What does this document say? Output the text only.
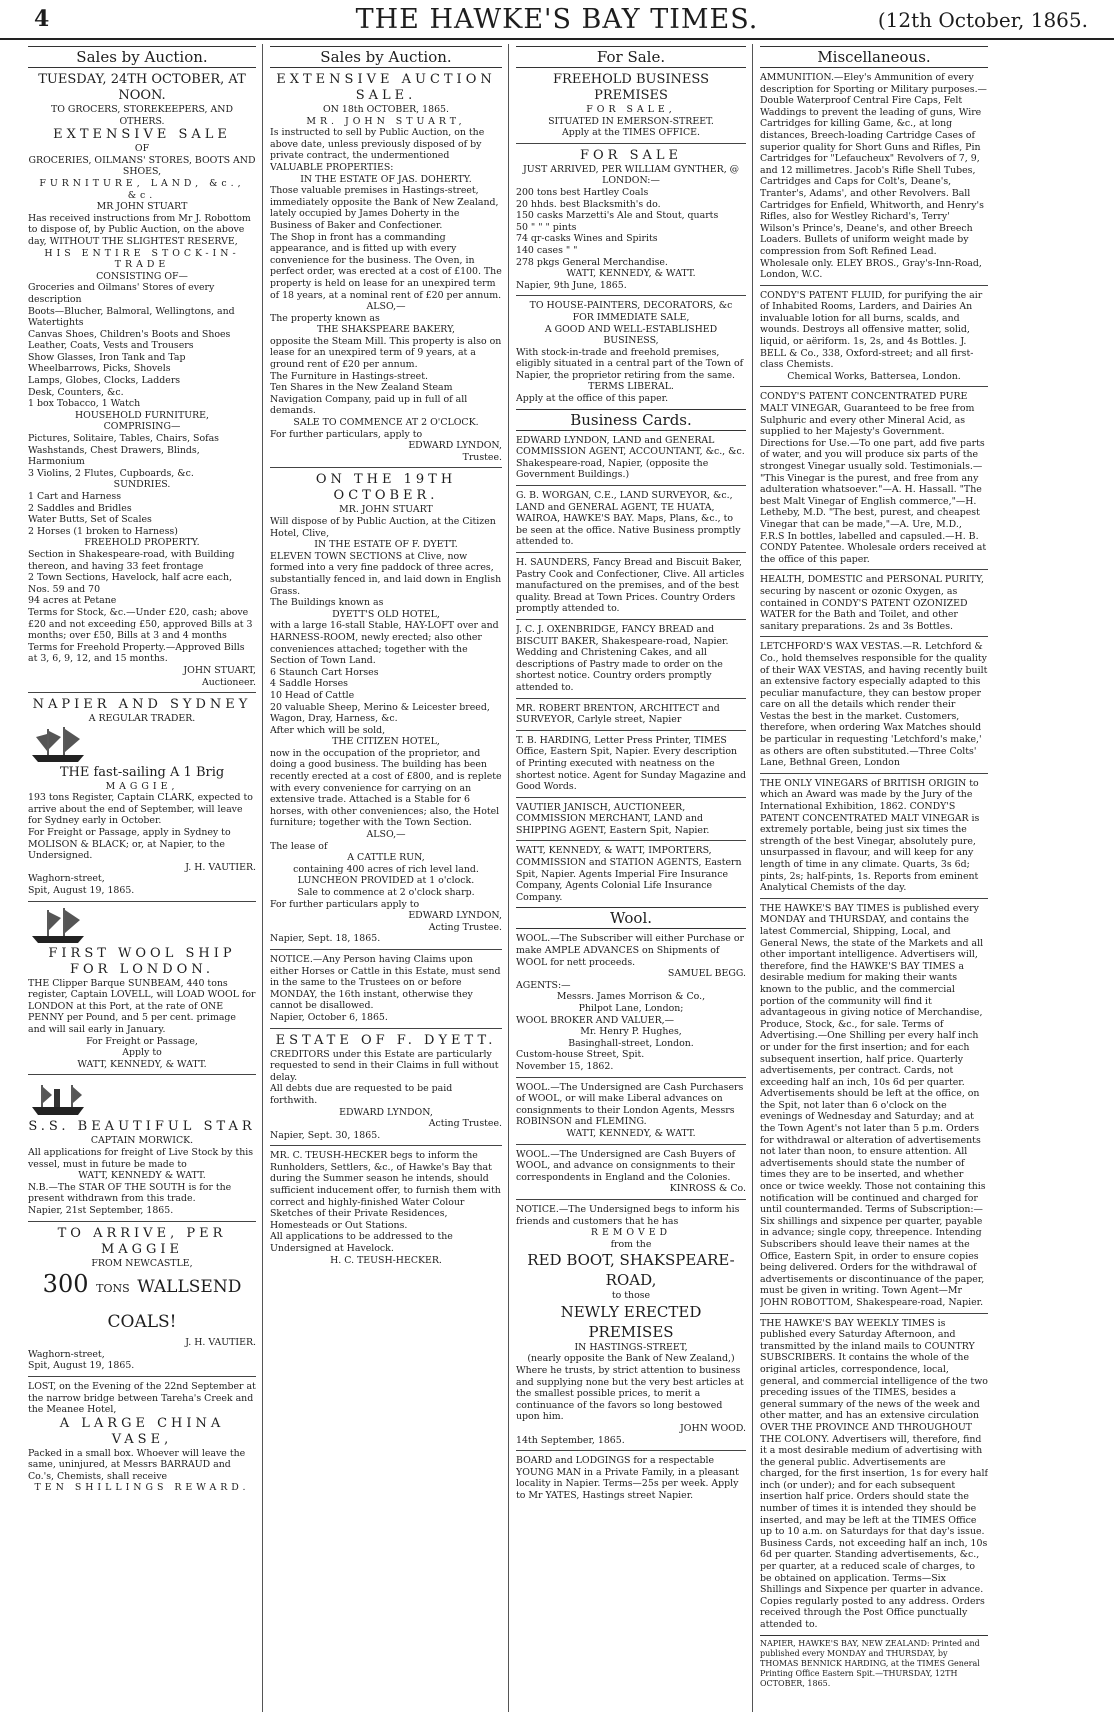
4	THE HAWKE'S BAY TIMES.	(12th October, 1865.
Sales by Auction.
TUESDAY, 24TH OCTOBER, AT NOON.
TO GROCERS, STOREKEEPERS, AND OTHERS.
EXTENSIVE SALE
OF
GROCERIES, OILMANS' STORES, BOOTS AND SHOES,
FURNITURE, LAND, &c., &c.
MR JOHN STUART
Has received instructions from Mr J. Robottom to dispose of, by Public Auction, on the above day, WITHOUT THE SLIGHTEST RESERVE,
HIS ENTIRE STOCK-IN-TRADE
CONSISTING OF—
Groceries and Oilmans' Stores of every description
Boots—Blucher, Balmoral, Wellingtons, and Watertights
Canvas Shoes, Children's Boots and Shoes
Leather, Coats, Vests and Trousers
Show Glasses, Iron Tank and Tap
Wheelbarrows, Picks, Shovels
Lamps, Globes, Clocks, Ladders
Desk, Counters, &c.
1 box Tobacco, 1 Watch
HOUSEHOLD FURNITURE,
COMPRISING—
Pictures, Solitaire, Tables, Chairs, Sofas
Washstands, Chest Drawers, Blinds, Harmonium
3 Violins, 2 Flutes, Cupboards, &c.
SUNDRIES.
1 Cart and Harness
2 Saddles and Bridles
Water Butts, Set of Scales
2 Horses (1 broken to Harness)
FREEHOLD PROPERTY.
Section in Shakespeare-road, with Building thereon, and having 33 feet frontage
2 Town Sections, Havelock, half acre each, Nos. 59 and 70
94 acres at Petane
Terms for Stock, &c.—Under £20, cash; above £20 and not exceeding £50, approved Bills at 3 months; over £50, Bills at 3 and 4 months
Terms for Freehold Property.—Approved Bills at 3, 6, 9, 12, and 15 months.
JOHN STUART,
Auctioneer.
NAPIER AND SYDNEY
A REGULAR TRADER.
THE fast-sailing A 1 Brig
MAGGIE,
193 tons Register, Captain CLARK, expected to arrive about the end of September, will leave for Sydney early in October.
For Freight or Passage, apply in Sydney to MOLISON & BLACK; or, at Napier, to the Undersigned.
J. H. VAUTIER.
Waghorn-street,
Spit, August 19, 1865.
FIRST WOOL SHIP FOR LONDON.
THE Clipper Barque SUNBEAM, 440 tons register, Captain LOVELL, will LOAD WOOL for LONDON at this Port, at the rate of ONE PENNY per Pound, and 5 per cent. primage and will sail early in January.
For Freight or Passage,
Apply to
WATT, KENNEDY, & WATT.
S.S. BEAUTIFUL STAR
CAPTAIN MORWICK.
All applications for freight of Live Stock by this vessel, must in future be made to
WATT, KENNEDY & WATT.
N.B.—The STAR OF THE SOUTH is for the present withdrawn from this trade.
Napier, 21st September, 1865.
TO ARRIVE, PER MAGGIE
FROM NEWCASTLE,
300 TONS WALLSEND COALS!
J. H. VAUTIER.
Waghorn-street,
Spit, August 19, 1865.
LOST, on the Evening of the 22nd September at the narrow bridge between Tareha's Creek and the Meanee Hotel,
A LARGE CHINA VASE,
Packed in a small box. Whoever will leave the same, uninjured, at Messrs BARRAUD and Co.'s, Chemists, shall receive
TEN SHILLINGS REWARD.
Sales by Auction.
EXTENSIVE AUCTION SALE.
ON 18th OCTOBER, 1865.
MR. JOHN STUART,
Is instructed to sell by Public Auction, on the above date, unless previously disposed of by private contract, the undermentioned VALUABLE PROPERTIES:
IN THE ESTATE OF JAS. DOHERTY.
Those valuable premises in Hastings-street, immediately opposite the Bank of New Zealand, lately occupied by James Doherty in the Business of Baker and Confectioner.
The Shop in front has a commanding appearance, and is fitted up with every convenience for the business. The Oven, in perfect order, was erected at a cost of £100. The property is held on lease for an unexpired term of 18 years, at a nominal rent of £20 per annum.
ALSO,—
The property known as
THE SHAKSPEARE BAKERY,
opposite the Steam Mill. This property is also on lease for an unexpired term of 9 years, at a ground rent of £20 per annum.
The Furniture in Hastings-street.
Ten Shares in the New Zealand Steam Navigation Company, paid up in full of all demands.
SALE TO COMMENCE AT 2 O'CLOCK.
For further particulars, apply to
EDWARD LYNDON,
Trustee.
ON THE 19TH OCTOBER.
MR. JOHN STUART
Will dispose of by Public Auction, at the Citizen Hotel, Clive,
IN THE ESTATE OF F. DYETT.
ELEVEN TOWN SECTIONS at Clive, now formed into a very fine paddock of three acres, substantially fenced in, and laid down in English Grass.
The Buildings known as
DYETT'S OLD HOTEL,
with a large 16-stall Stable, HAY-LOFT over and HARNESS-ROOM, newly erected; also other conveniences attached; together with the Section of Town Land.
6 Staunch Cart Horses
4 Saddle Horses
10 Head of Cattle
20 valuable Sheep, Merino & Leicester breed,
Wagon, Dray, Harness, &c.
After which will be sold,
THE CITIZEN HOTEL,
now in the occupation of the proprietor, and doing a good business. The building has been recently erected at a cost of £800, and is replete with every convenience for carrying on an extensive trade. Attached is a Stable for 6 horses, with other conveniences; also, the Hotel furniture; together with the Town Section.
ALSO,—
The lease of
A CATTLE RUN,
containing 400 acres of rich level land.
LUNCHEON PROVIDED at 1 o'clock.
Sale to commence at 2 o'clock sharp.
For further particulars apply to
EDWARD LYNDON,
Acting Trustee.
Napier, Sept. 18, 1865.
NOTICE.—Any Person having Claims upon either Horses or Cattle in this Estate, must send in the same to the Trustees on or before MONDAY, the 16th instant, otherwise they cannot be disallowed.
Napier, October 6, 1865.
ESTATE OF F. DYETT.
CREDITORS under this Estate are particularly requested to send in their Claims in full without delay.
All debts due are requested to be paid forthwith.
EDWARD LYNDON,
Acting Trustee.
Napier, Sept. 30, 1865.
MR. C. TEUSH-HECKER begs to inform the Runholders, Settlers, &c., of Hawke's Bay that during the Summer season he intends, should sufficient inducement offer, to furnish them with correct and highly-finished Water Colour Sketches of their Private Residences, Homesteads or Out Stations.
All applications to be addressed to the Undersigned at Havelock.
H. C. TEUSH-HECKER.
For Sale.
FREEHOLD BUSINESS PREMISES
FOR SALE,
SITUATED IN EMERSON-STREET.
Apply at the TIMES OFFICE.
FOR SALE
JUST ARRIVED, PER WILLIAM GYNTHER, @ LONDON:—
200 tons best Hartley Coals
20 hhds. best Blacksmith's do.
150 casks Marzetti's Ale and Stout, quarts
50 " " " pints
74 qr-casks Wines and Spirits
140 cases " "
278 pkgs General Merchandise.
WATT, KENNEDY, & WATT.
Napier, 9th June, 1865.
TO HOUSE-PAINTERS, DECORATORS, &c
FOR IMMEDIATE SALE,
A GOOD AND WELL-ESTABLISHED BUSINESS,
With stock-in-trade and freehold premises, eligibly situated in a central part of the Town of Napier, the proprietor retiring from the same.
TERMS LIBERAL.
Apply at the office of this paper.
Business Cards.
EDWARD LYNDON, LAND and GENERAL COMMISSION AGENT, ACCOUNTANT, &c., &c. Shakespeare-road, Napier, (opposite the Government Buildings.)
G. B. WORGAN, C.E., LAND SURVEYOR, &c., LAND and GENERAL AGENT, TE HUATA, WAIROA, HAWKE'S BAY. Maps, Plans, &c., to be seen at the office. Native Business promptly attended to.
H. SAUNDERS, Fancy Bread and Biscuit Baker, Pastry Cook and Confectioner, Clive. All articles manufactured on the premises, and of the best quality. Bread at Town Prices. Country Orders promptly attended to.
J. C. J. OXENBRIDGE, FANCY BREAD and BISCUIT BAKER, Shakespeare-road, Napier. Wedding and Christening Cakes, and all descriptions of Pastry made to order on the shortest notice. Country orders promptly attended to.
MR. ROBERT BRENTON, ARCHITECT and SURVEYOR, Carlyle street, Napier
T. B. HARDING, Letter Press Printer, TIMES Office, Eastern Spit, Napier. Every description of Printing executed with neatness on the shortest notice. Agent for Sunday Magazine and Good Words.
VAUTIER JANISCH, AUCTIONEER, COMMISSION MERCHANT, LAND and SHIPPING AGENT, Eastern Spit, Napier.
WATT, KENNEDY, & WATT, IMPORTERS, COMMISSION and STATION AGENTS, Eastern Spit, Napier. Agents Imperial Fire Insurance Company, Agents Colonial Life Insurance Company.
Wool.
WOOL.—The Subscriber will either Purchase or make AMPLE ADVANCES on Shipments of WOOL for nett proceeds.
SAMUEL BEGG.
AGENTS:—
Messrs. James Morrison & Co.,
Philpot Lane, London;
WOOL BROKER AND VALUER,—
Mr. Henry P. Hughes,
Basinghall-street, London.
Custom-house Street, Spit.
November 15, 1862.
WOOL.—The Undersigned are Cash Purchasers of WOOL, or will make Liberal advances on consignments to their London Agents, Messrs ROBINSON and FLEMING.
WATT, KENNEDY, & WATT.
WOOL.—The Undersigned are Cash Buyers of WOOL, and advance on consignments to their correspondents in England and the Colonies.
KINROSS & Co.
NOTICE.—The Undersigned begs to inform his friends and customers that he has
REMOVED
from the
RED BOOT, SHAKSPEARE-ROAD,
to those
NEWLY ERECTED PREMISES
IN HASTINGS-STREET,
(nearly opposite the Bank of New Zealand,)
Where he trusts, by strict attention to business and supplying none but the very best articles at the smallest possible prices, to merit a continuance of the favors so long bestowed upon him.
JOHN WOOD.
14th September, 1865.
BOARD and LODGINGS for a respectable YOUNG MAN in a Private Family, in a pleasant locality in Napier. Terms—25s per week. Apply to Mr YATES, Hastings street Napier.
Miscellaneous.
AMMUNITION.—Eley's Ammunition of every description for Sporting or Military purposes.—Double Waterproof Central Fire Caps, Felt Waddings to prevent the leading of guns, Wire Cartridges for killing Game, &c., at long distances, Breech-loading Cartridge Cases of superior quality for Short Guns and Rifles, Pin Cartridges for "Lefaucheux" Revolvers of 7, 9, and 12 millimetres. Jacob's Rifle Shell Tubes, Cartridges and Caps for Colt's, Deane's, Tranter's, Adams', and other Revolvers. Ball Cartridges for Enfield, Whitworth, and Henry's Rifles, also for Westley Richard's, Terry' Wilson's Prince's, Deane's, and other Breech Loaders. Bullets of uniform weight made by compression from Soft Refined Lead. Wholesale only. ELEY BROS., Gray's-Inn-Road, London, W.C.
CONDY'S PATENT FLUID, for purifying the air of Inhabited Rooms, Larders, and Dairies An invaluable lotion for all burns, scalds, and wounds. Destroys all offensive matter, solid, liquid, or aëriform. 1s, 2s, and 4s Bottles. J. BELL & Co., 338, Oxford-street; and all first-class Chemists.
Chemical Works, Battersea, London.
CONDY'S PATENT CONCENTRATED PURE MALT VINEGAR, Guaranteed to be free from Sulphuric and every other Mineral Acid, as supplied to her Majesty's Government. Directions for Use.—To one part, add five parts of water, and you will produce six parts of the strongest Vinegar usually sold. Testimonials.— "This Vinegar is the purest, and free from any adulteration whatsoever."—A. H. Hassall. "The best Malt Vinegar of English commerce,"—H. Letheby, M.D. "The best, purest, and cheapest Vinegar that can be made,"—A. Ure, M.D., F.R.S In bottles, labelled and capsuled.—H. B. CONDY Patentee. Wholesale orders received at the office of this paper.
HEALTH, DOMESTIC and PERSONAL PURITY, securing by nascent or ozonic Oxygen, as contained in CONDY'S PATENT OZONIZED WATER for the Bath and Toilet, and other sanitary preparations. 2s and 3s Bottles.
LETCHFORD'S WAX VESTAS.—R. Letchford & Co., hold themselves responsible for the quality of their WAX VESTAS, and having recently built an extensive factory especially adapted to this peculiar manufacture, they can bestow proper care on all the details which render their Vestas the best in the market. Customers, therefore, when ordering Wax Matches should be particular in requesting 'Letchford's make,' as others are often substituted.—Three Colts' Lane, Bethnal Green, London
THE ONLY VINEGARS of BRITISH ORIGIN to which an Award was made by the Jury of the International Exhibition, 1862. CONDY'S PATENT CONCENTRATED MALT VINEGAR is extremely portable, being just six times the strength of the best Vinegar, absolutely pure, unsurpassed in flavour, and will keep for any length of time in any climate. Quarts, 3s 6d; pints, 2s; half-pints, 1s. Reports from eminent Analytical Chemists of the day.
THE HAWKE'S BAY TIMES is published every MONDAY and THURSDAY, and contains the latest Commercial, Shipping, Local, and General News, the state of the Markets and all other important intelligence. Advertisers will, therefore, find the HAWKE'S BAY TIMES a desirable medium for making their wants known to the public, and the commercial portion of the community will find it advantageous in giving notice of Merchandise, Produce, Stock, &c., for sale. Terms of Advertising.—One Shilling per every half inch or under for the first insertion; and for each subsequent insertion, half price. Quarterly advertisements, per contract. Cards, not exceeding half an inch, 10s 6d per quarter. Advertisements should be left at the office, on the Spit, not later than 6 o'clock on the evenings of Wednesday and Saturday; and at the Town Agent's not later than 5 p.m. Orders for withdrawal or alteration of advertisements not later than noon, to ensure attention. All advertisements should state the number of times they are to be inserted, and whether once or twice weekly. Those not containing this notification will be continued and charged for until countermanded. Terms of Subscription:—Six shillings and sixpence per quarter, payable in advance; single copy, threepence. Intending Subscribers should leave their names at the Office, Eastern Spit, in order to ensure copies being delivered. Orders for the withdrawal of advertisements or discontinuance of the paper, must be given in writing. Town Agent—Mr JOHN ROBOTTOM, Shakespeare-road, Napier.
THE HAWKE'S BAY WEEKLY TIMES is published every Saturday Afternoon, and transmitted by the inland mails to COUNTRY SUBSCRIBERS. It contains the whole of the original articles, correspondence, local, general, and commercial intelligence of the two preceding issues of the TIMES, besides a general summary of the news of the week and other matter, and has an extensive circulation OVER THE PROVINCE AND THROUGHOUT THE COLONY. Advertisers will, therefore, find it a most desirable medium of advertising with the general public. Advertisements are charged, for the first insertion, 1s for every half inch (or under); and for each subsequent insertion half price. Orders should state the number of times it is intended they should be inserted, and may be left at the TIMES Office up to 10 a.m. on Saturdays for that day's issue. Business Cards, not exceeding half an inch, 10s 6d per quarter. Standing advertisements, &c., per quarter, at a reduced scale of charges, to be obtained on application. Terms—Six Shillings and Sixpence per quarter in advance. Copies regularly posted to any address. Orders received through the Post Office punctually attended to.
NAPIER, HAWKE'S BAY, NEW ZEALAND: Printed and published every MONDAY and THURSDAY, by THOMAS BENNICK HARDING, at the TIMES General Printing Office Eastern Spit.—THURSDAY, 12TH OCTOBER, 1865.
